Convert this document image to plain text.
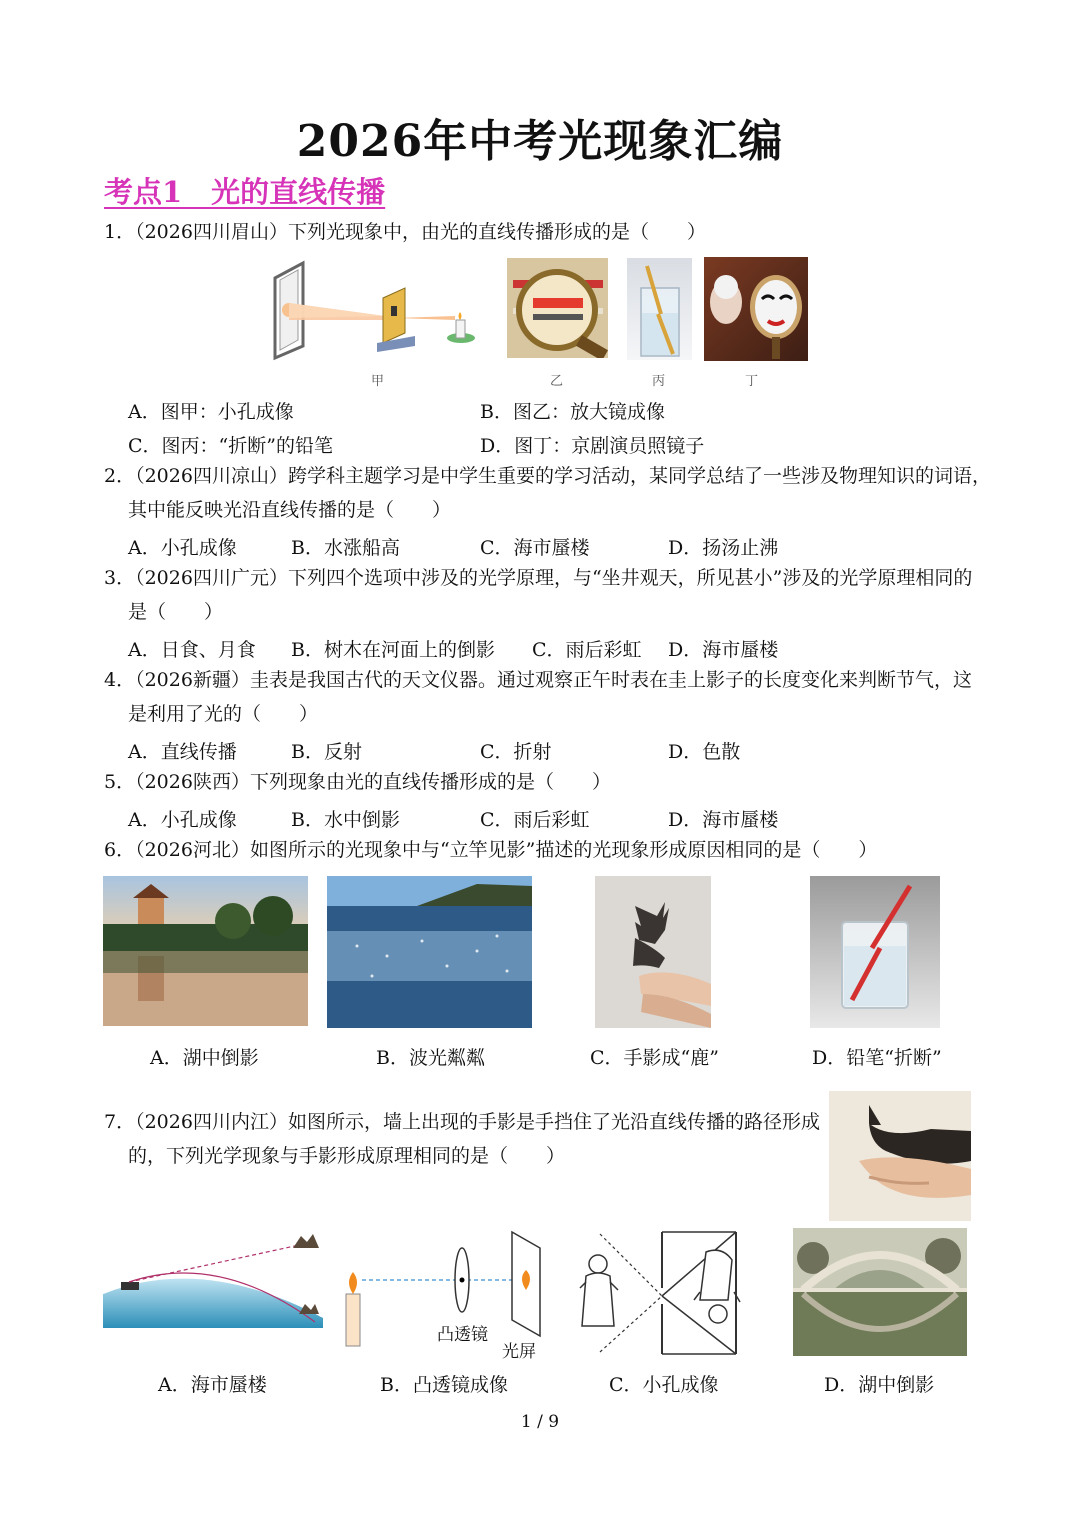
2026年中考光现象汇编
考点1　光的直线传播
1．（2026四川眉山）下列光现象中，由光的直线传播形成的是（　　）
甲	乙	丙	丁
A．图甲：小孔成像	B．图乙：放大镜成像
C．图丙：“折断”的铅笔	D．图丁：京剧演员照镜子
2．（2026四川凉山）跨学科主题学习是中学生重要的学习活动，某同学总结了一些涉及物理知识的词语，
其中能反映光沿直线传播的是（　　）
A．小孔成像	B．水涨船高	C．海市蜃楼	D．扬汤止沸
3．（2026四川广元）下列四个选项中涉及的光学原理，与“坐井观天，所见甚小”涉及的光学原理相同的
是（　　）
A．日食、月食 B．树木在河面上的倒影 C．雨后彩虹 D．海市蜃楼
4．（2026新疆）圭表是我国古代的天文仪器。通过观察正午时表在圭上影子的长度变化来判断节气，这
是利用了光的（　　）
A．直线传播	B．反射	C．折射	D．色散
5．（2026陕西）下列现象由光的直线传播形成的是（　　）
A．小孔成像	B．水中倒影	C．雨后彩虹	D．海市蜃楼
6．（2026河北）如图所示的光现象中与“立竿见影”描述的光现象形成原因相同的是（　　）
A．湖中倒影	B．波光粼粼	C．手影成“鹿”	D．铅笔“折断”
7．（2026四川内江）如图所示，墙上出现的手影是手挡住了光沿直线传播的路径形成
的，下列光学现象与手影形成原理相同的是（　　）
凸透镜
光屏
A．海市蜃楼	B．凸透镜成像	C．小孔成像	D．湖中倒影
1 / 9
